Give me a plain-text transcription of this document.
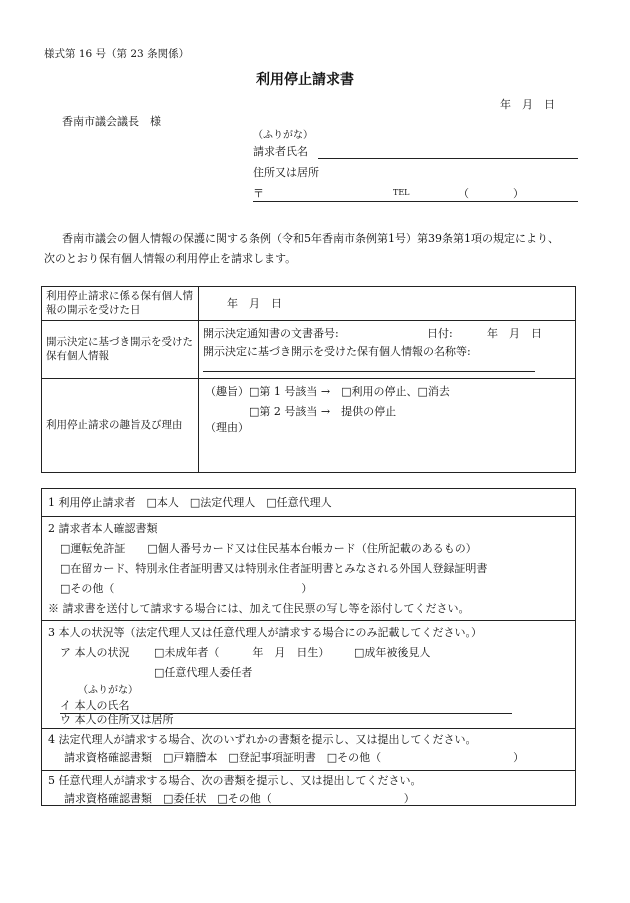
様式第 16 号（第 23 条関係）
利用停止請求書
年　月　日
香南市議会議長　様
（ふりがな）
請求者氏名
住所又は居所
〒	TEL	（　　　　）
香南市議会の個人情報の保護に関する条例（令和5年香南市条例第1号）第39条第1項の規定により、
次のとおり保有個人情報の利用停止を請求します。
利用停止請求に係る保有個人情報の開示を受けた日	年　月　日
開示決定に基づき開示を受けた保有個人情報	開示決定通知書の文書番号: 日付: 年　月　日
開示決定に基づき開示を受けた保有個人情報の名称等:

利用停止請求の趣旨及び理由	（趣旨）□第 1 号該当 →　□利用の停止、□消去
□第 2 号該当 →　提供の停止
（理由）
1 利用停止請求者　□本人　□法定代理人　□任意代理人
2 請求者本人確認書類
□運転免許証　　□個人番号カード又は住民基本台帳カード（住所記載のあるもの）
□在留カード、特別永住者証明書又は特別永住者証明書とみなされる外国人登録証明書
□その他（　　　　　　　　　　　　　　　　　）
※ 請求書を送付して請求する場合には、加えて住民票の写し等を添付してください。
3 本人の状況等（法定代理人又は任意代理人が請求する場合にのみ記載してください。）
ア 本人の状況 □未成年者（　　　年　月　日生） □成年被後見人
□任意代理人委任者
（ふりがな）
イ 本人の氏名
ウ 本人の住所又は居所
4 法定代理人が請求する場合、次のいずれかの書類を提示し、又は提出してください。
請求資格確認書類　□戸籍謄本　□登記事項証明書　□その他（　　　　　　　　　　　　）
5 任意代理人が請求する場合、次の書類を提示し、又は提出してください。
請求資格確認書類　□委任状　□その他（　　　　　　　　　　　　）
